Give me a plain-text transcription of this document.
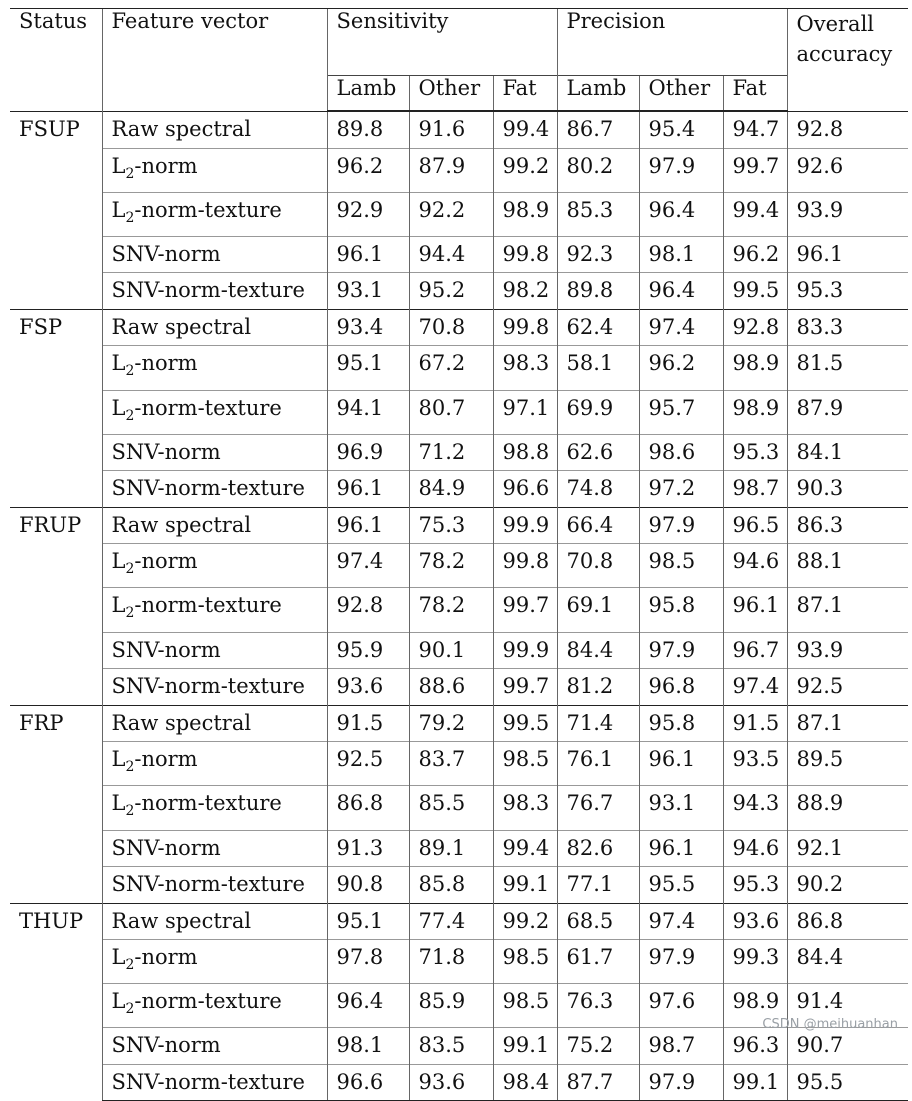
Status	Feature vector	Sensitivity			Precision			Overall
accuracy
		Lamb	Other	Fat	Lamb	Other	Fat	
FSUP	Raw spectral	89.8	91.6	99.4	86.7	95.4	94.7	92.8
	$L_2$-norm	96.2	87.9	99.2	80.2	97.9	99.7	92.6
	$L_2-norm$-texture	92.9	92.2	98.9	85.3	96.4	99.4	93.9
	SNV-norm	96.1	94.4	99.8	92.3	98.1	96.2	96.1
	SNV-norm-texture	93.1	95.2	98.2	89.8	96.4	99.5	95.3
FSP	Raw spectral	93.4	70.8	99.8	62.4	97.4	92.8	83.3
	$L_2$-norm	95.1	67.2	98.3	58.1	96.2	98.9	81.5
	$L_2-norm$-texture	94.1	80.7	97.1	69.9	95.7	98.9	87.9
	SNV-norm	96.9	71.2	98.8	62.6	98.6	95.3	84.1
	SNV-norm-texture	96.1	84.9	96.6	74.8	97.2	98.7	90.3
FRUP	Raw spectral	96.1	75.3	99.9	66.4	97.9	96.5	86.3
	$L_2$-norm	97.4	78.2	99.8	70.8	98.5	94.6	88.1
	$L_2-norm$-texture	92.8	78.2	99.7	69.1	95.8	96.1	87.1
	SNV-norm	95.9	90.1	99.9	84.4	97.9	96.7	93.9
	SNV-norm-texture	93.6	88.6	99.7	81.2	96.8	97.4	92.5
FRP	Raw spectral	91.5	79.2	99.5	71.4	95.8	91.5	87.1
	$L_2$-norm	92.5	83.7	98.5	76.1	96.1	93.5	89.5
	$L_2-norm$-texture	86.8	85.5	98.3	76.7	93.1	94.3	88.9
	SNV-norm	91.3	89.1	99.4	82.6	96.1	94.6	92.1
	SNV-norm-texture	90.8	85.8	99.1	77.1	95.5	95.3	90.2
THUP	Raw spectral	95.1	77.4	99.2	68.5	97.4	93.6	86.8
	$L_2$-norm	97.8	71.8	98.5	61.7	97.9	99.3	84.4
	$L_2-norm$-texture	96.4	85.9	98.5	76.3	97.6	98.9	91.4
	SNV-norm	98.1	83.5	99.1	75.2	98.7	96.3	90.7
	SNV-norm-texture	96.6	93.6	98.4	87.7	97.9	99.1	95.5
CSDN @meihuanhan
